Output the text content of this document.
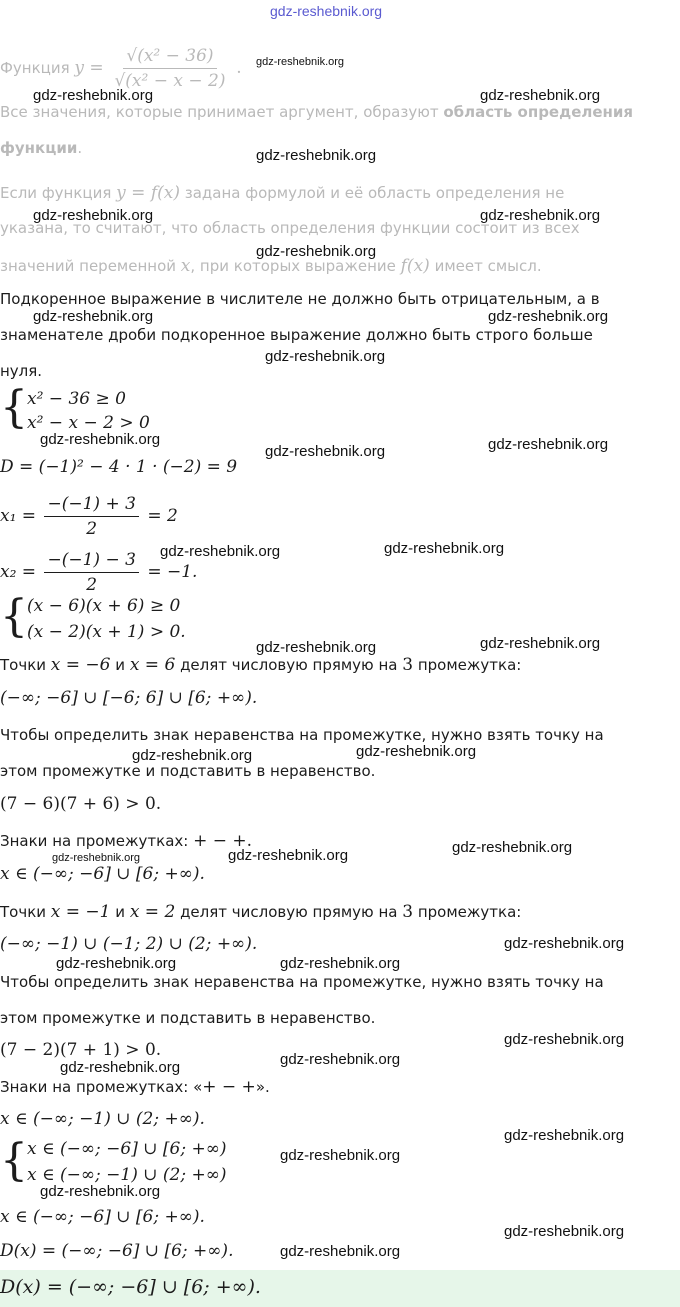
Функция $y = \frac{\text{√(x² − 36)}}{\text{√(x² − x − 2)}}$ .
Все значения, которые принимает аргумент, образуют область определения
функции.
Если функция y = f(x) задана формулой и её область определения не
указана, то считают, что область определения функции состоит из всех
значений переменной x, при которых выражение f(x) имеет смысл.
Подкоренное выражение в числителе не должно быть отрицательным, а в
знаменателе дроби подкоренное выражение должно быть строго больше
нуля.
{ x² − 36 ≥ 0
x² − x − 2 > 0
D = (−1)² − 4 · 1 · (−2) = 9
$x_1 = \frac{-(-1) + 3}{2} = 2$
$x_2 = \frac{-(-1) - 3}{2} = -1$.
{ (x − 6)(x + 6) ≥ 0
(x − 2)(x + 1) > 0.
Точки x = −6 и x = 6 делят числовую прямую на 3 промежутка:
(−∞; −6] ∪ [−6; 6] ∪ [6; +∞).
Чтобы определить знак неравенства на промежутке, нужно взять точку на
этом промежутке и подставить в неравенство.
(7 − 6)(7 + 6) > 0.
Знаки на промежутках: + − +.
x ∈ (−∞; −6] ∪ [6; +∞).
Точки x = −1 и x = 2 делят числовую прямую на 3 промежутка:
(−∞; −1) ∪ (−1; 2) ∪ (2; +∞).
Чтобы определить знак неравенства на промежутке, нужно взять точку на
этом промежутке и подставить в неравенство.
(7 − 2)(7 + 1) > 0.
Знаки на промежутках: «+ − +».
x ∈ (−∞; −1) ∪ (2; +∞).
{ x ∈ (−∞; −6] ∪ [6; +∞)
x ∈ (−∞; −1) ∪ (2; +∞)
x ∈ (−∞; −6] ∪ [6; +∞).
D(x) = (−∞; −6] ∪ [6; +∞).
D(x) = (−∞; −6] ∪ [6; +∞).
gdz-reshebnik.org
gdz-reshebnik.org
gdz-reshebnik.org	gdz-reshebnik.org
gdz-reshebnik.org
gdz-reshebnik.org	gdz-reshebnik.org
gdz-reshebnik.org
gdz-reshebnik.org	gdz-reshebnik.org
gdz-reshebnik.org
gdz-reshebnik.org
gdz-reshebnik.org	gdz-reshebnik.org
gdz-reshebnik.org	gdz-reshebnik.org
gdz-reshebnik.org	gdz-reshebnik.org
gdz-reshebnik.org	gdz-reshebnik.org
gdz-reshebnik.org	gdz-reshebnik.org	gdz-reshebnik.org
gdz-reshebnik.org
gdz-reshebnik.org	gdz-reshebnik.org
gdz-reshebnik.org
gdz-reshebnik.org	gdz-reshebnik.org
gdz-reshebnik.org
gdz-reshebnik.org
gdz-reshebnik.org
gdz-reshebnik.org
gdz-reshebnik.org
